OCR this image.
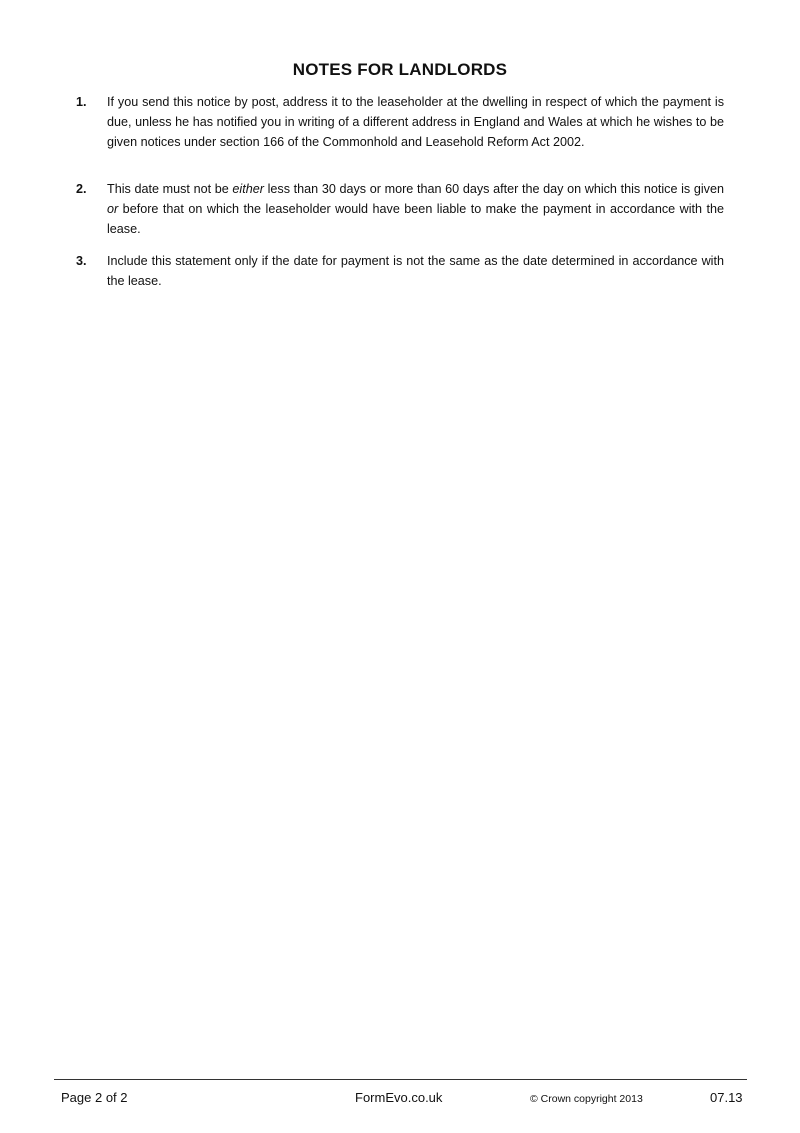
NOTES FOR LANDLORDS
1. If you send this notice by post, address it to the leaseholder at the dwelling in respect of which the payment is due, unless he has notified you in writing of a different address in England and Wales at which he wishes to be given notices under section 166 of the Commonhold and Leasehold Reform Act 2002.
2. This date must not be either less than 30 days or more than 60 days after the day on which this notice is given or before that on which the leaseholder would have been liable to make the payment in accordance with the lease.
3. Include this statement only if the date for payment is not the same as the date determined in accordance with the lease.
Page 2 of 2	FormEvo.co.uk	© Crown copyright 2013	07.13
